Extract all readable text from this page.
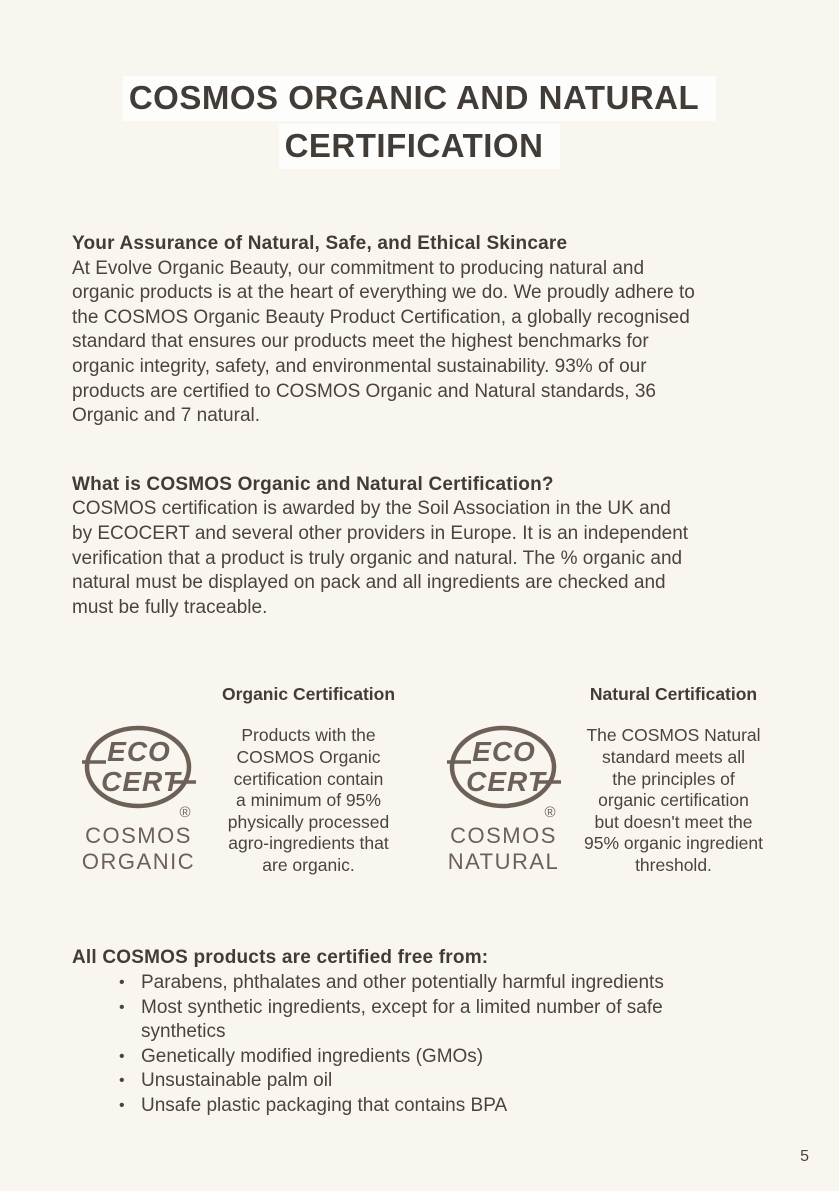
COSMOS ORGANIC AND NATURALCERTIFICATION
Your Assurance of Natural, Safe, and Ethical Skincare
At Evolve Organic Beauty, our commitment to producing natural and
organic products is at the heart of everything we do. We proudly adhere to
the COSMOS Organic Beauty Product Certification, a globally recognised
standard that ensures our products meet the highest benchmarks for
organic integrity, safety, and environmental sustainability. 93% of our
products are certified to COSMOS Organic and Natural standards, 36
Organic and 7 natural.
What is COSMOS Organic and Natural Certification?
COSMOS certification is awarded by the Soil Association in the UK and
by ECOCERT and several other providers in Europe. It is an independent
verification that a product is truly organic and natural. The % organic and
natural must be displayed on pack and all ingredients are checked and
must be fully traceable.
Organic Certification
ECO
CERT
®
COSMOS
ORGANIC
Products with the
COSMOS Organic
certification contain
a minimum of 95%
physically processed
agro-ingredients that
are organic.
Natural Certification
ECO
CERT
®
COSMOS
NATURAL
The COSMOS Natural
standard meets all
the principles of
organic certification
but doesn't meet the
95% organic ingredient
threshold.
All COSMOS products are certified free from:
• Parabens, phthalates and other potentially harmful ingredients
• Most synthetic ingredients, except for a limited number of safe synthetics
• Genetically modified ingredients (GMOs)
• Unsustainable palm oil
• Unsafe plastic packaging that contains BPA
5
